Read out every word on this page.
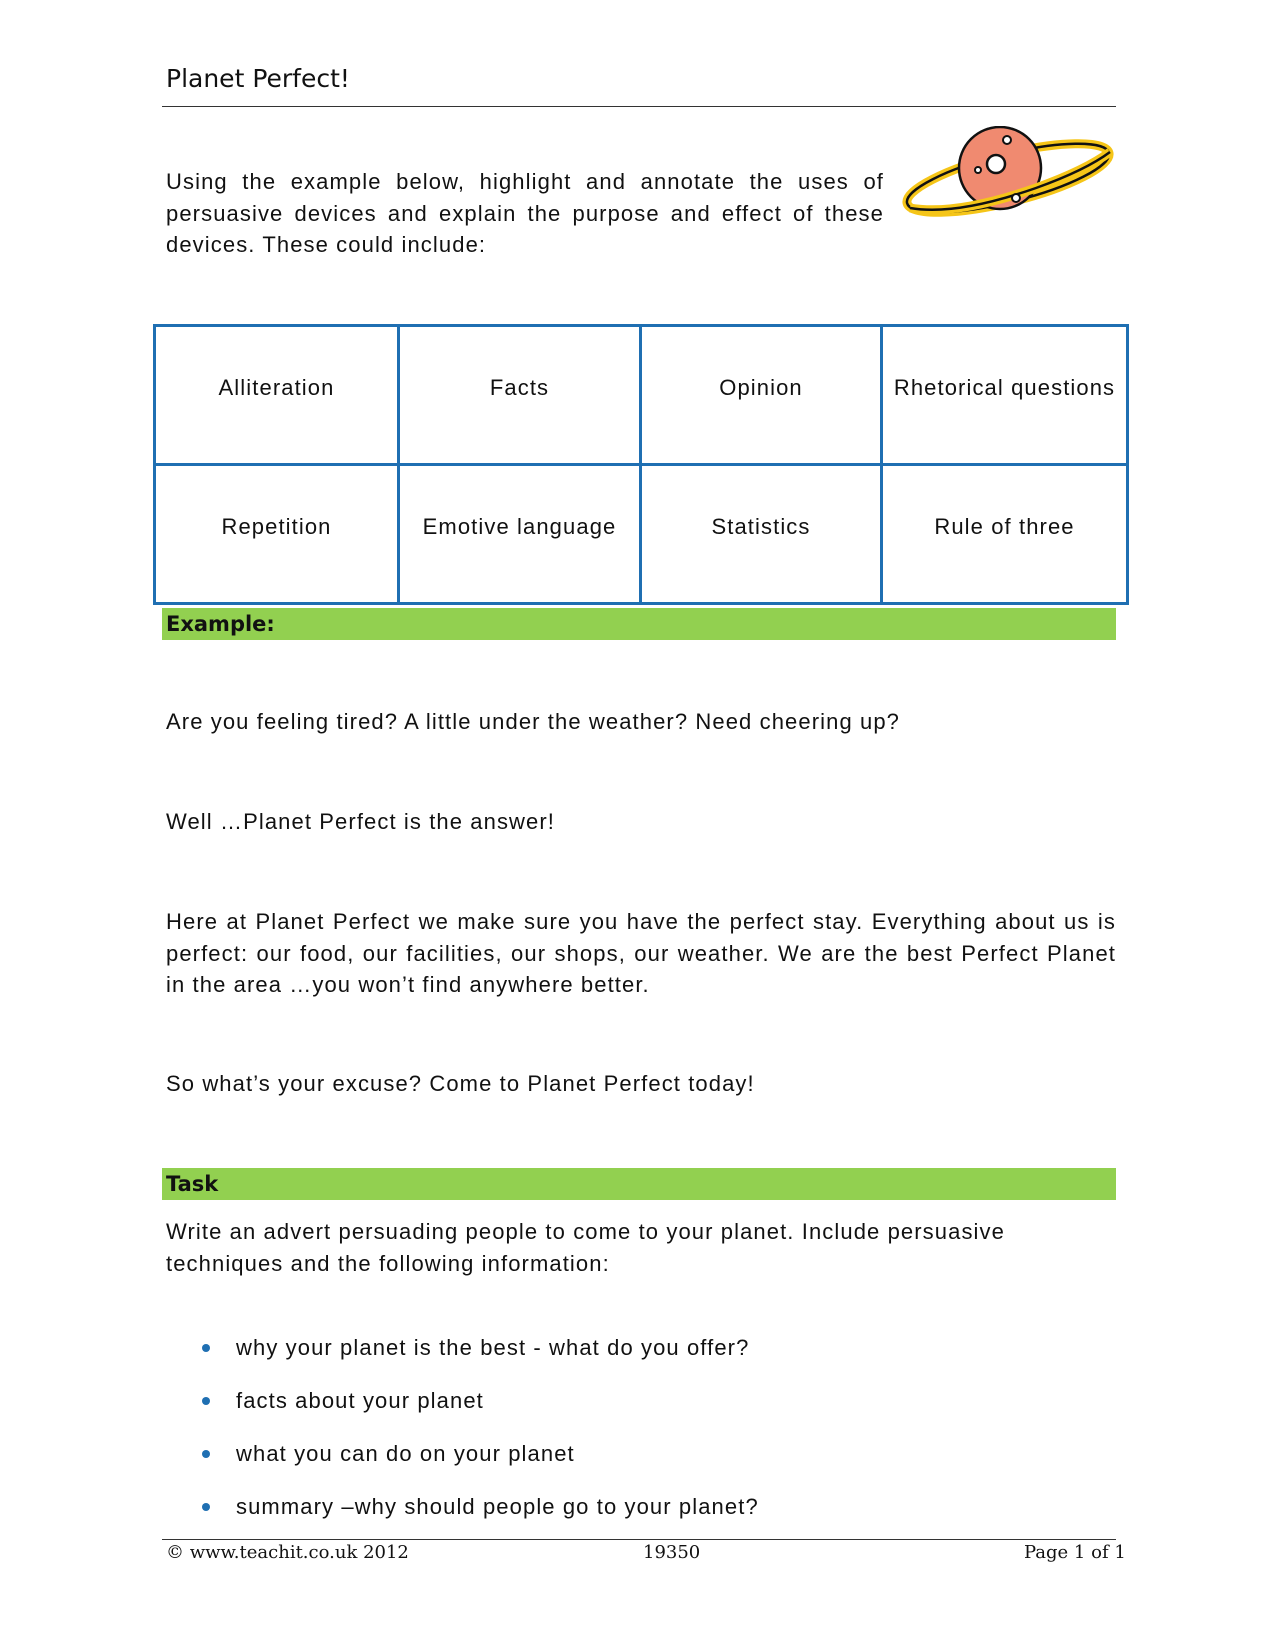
Planet Perfect!

Using the example below, highlight and annotate the uses of persuasive devices and explain the purpose and effect of these devices. These could include:

Alliteration	Facts	Opinion	Rhetorical questions
Repetition	Emotive language	Statistics	Rule of three
Example:

Are you feeling tired? A little under the weather? Need cheering up?

Well …Planet Perfect is the answer!

Here at Planet Perfect we make sure you have the perfect stay. Everything about us is perfect: our food, our facilities, our shops, our weather. We are the best Perfect Planet in the area …you won’t find anywhere better.

So what’s your excuse? Come to Planet Perfect today!

Task

Write an advert persuading people to come to your planet. Include persuasive techniques and the following information:

why your planet is the best - what do you offer?
facts about your planet
what you can do on your planet
summary –why should people go to your planet?
© www.teachit.co.uk 2012	19350	Page 1 of 1
